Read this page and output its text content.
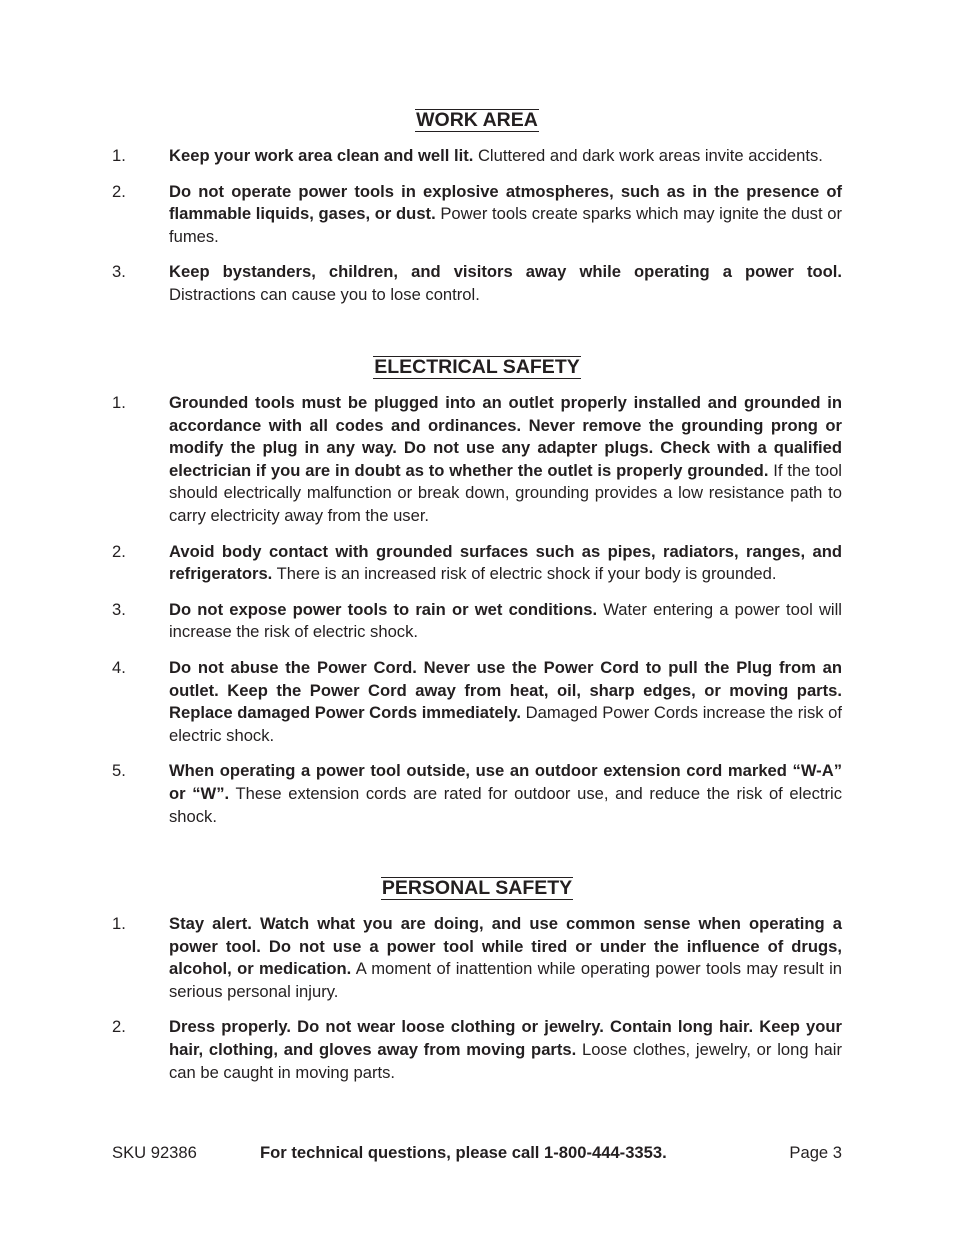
WORK AREA
1.	Keep your work area clean and well lit. Cluttered and dark work areas invite accidents.
2.	Do not operate power tools in explosive atmospheres, such as in the presence of flammable liquids, gases, or dust. Power tools create sparks which may ignite the dust or fumes.
3.	Keep bystanders, children, and visitors away while operating a power tool. Distractions can cause you to lose control.
ELECTRICAL SAFETY
1.	Grounded tools must be plugged into an outlet properly installed and grounded in accordance with all codes and ordinances. Never remove the grounding prong or modify the plug in any way. Do not use any adapter plugs. Check with a qualified electrician if you are in doubt as to whether the outlet is properly grounded. If the tool should electrically malfunction or break down, grounding provides a low resistance path to carry electricity away from the user.
2.	Avoid body contact with grounded surfaces such as pipes, radiators, ranges, and refrigerators. There is an increased risk of electric shock if your body is grounded.
3.	Do not expose power tools to rain or wet conditions. Water entering a power tool will increase the risk of electric shock.
4.	Do not abuse the Power Cord. Never use the Power Cord to pull the Plug from an outlet. Keep the Power Cord away from heat, oil, sharp edges, or moving parts. Replace damaged Power Cords immediately. Damaged Power Cords increase the risk of electric shock.
5.	When operating a power tool outside, use an outdoor extension cord marked “W-A” or “W”. These extension cords are rated for outdoor use, and reduce the risk of electric shock.
PERSONAL SAFETY
1.	Stay alert. Watch what you are doing, and use common sense when operating a power tool. Do not use a power tool while tired or under the influence of drugs, alcohol, or medication. A moment of inattention while operating power tools may result in serious personal injury.
2.	Dress properly. Do not wear loose clothing or jewelry. Contain long hair. Keep your hair, clothing, and gloves away from moving parts. Loose clothes, jewelry, or long hair can be caught in moving parts.
SKU 92386	For technical questions, please call 1-800-444-3353.	Page 3
